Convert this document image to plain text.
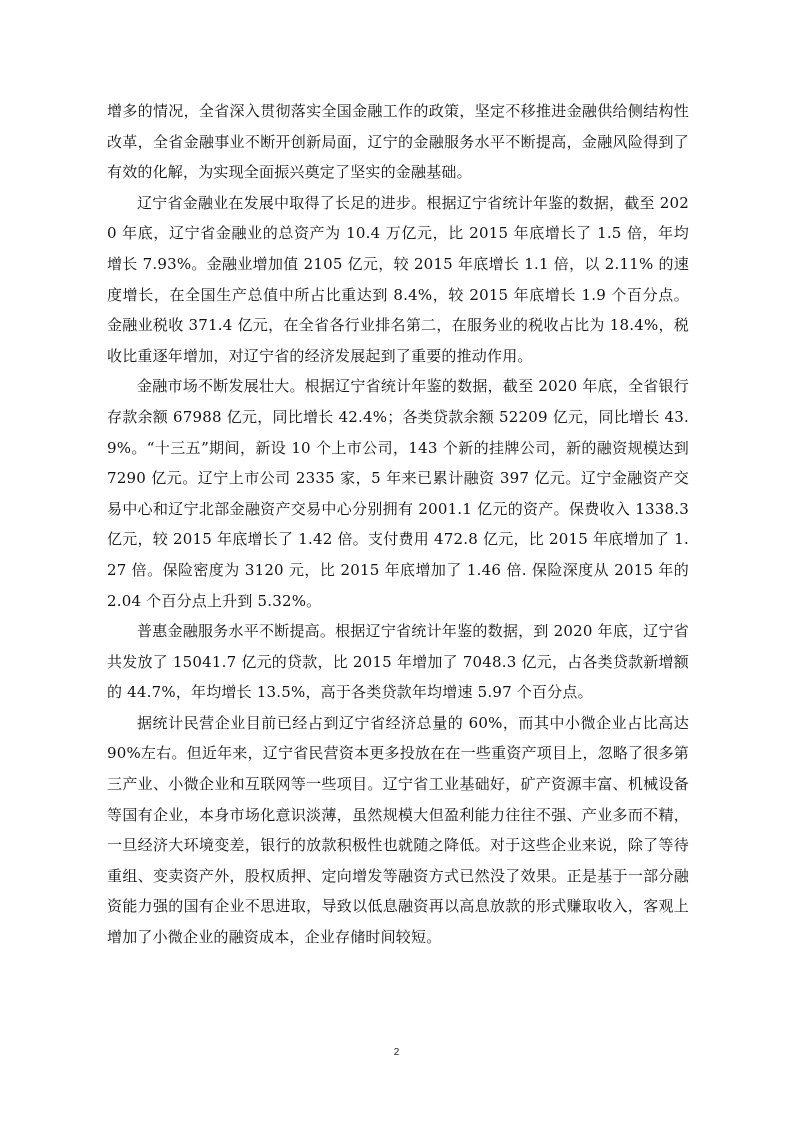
增多的情况，全省深入贯彻落实全国金融工作的政策，坚定不移推进金融供给侧结构性改革，全省金融事业不断开创新局面，辽宁的金融服务水平不断提高，金融风险得到了有效的化解，为实现全面振兴奠定了坚实的金融基础。

辽宁省金融业在发展中取得了长足的进步。根据辽宁省统计年鉴的数据，截至 2020 年底，辽宁省金融业的总资产为 10.4 万亿元，比 2015 年底增长了 1.5 倍，年均增长 7.93%。金融业增加值 2105 亿元，较 2015 年底增长 1.1 倍，以 2.11% 的速度增长，在全国生产总值中所占比重达到 8.4%，较 2015 年底增长 1.9 个百分点。金融业税收 371.4 亿元，在全省各行业排名第二，在服务业的税收占比为 18.4%，税收比重逐年增加，对辽宁省的经济发展起到了重要的推动作用。

金融市场不断发展壮大。根据辽宁省统计年鉴的数据，截至 2020 年底，全省银行存款余额 67988 亿元，同比增长 42.4%；各类贷款余额 52209 亿元，同比增长 43.9%。“十三五”期间，新设 10 个上市公司，143 个新的挂牌公司，新的融资规模达到 7290 亿元。辽宁上市公司 2335 家，5 年来已累计融资 397 亿元。辽宁金融资产交易中心和辽宁北部金融资产交易中心分别拥有 2001.1 亿元的资产。保费收入 1338.3 亿元，较 2015 年底增长了 1.42 倍。支付费用 472.8 亿元，比 2015 年底增加了 1.27 倍。保险密度为 3120 元，比 2015 年底增加了 1.46 倍. 保险深度从 2015 年的 2.04 个百分点上升到 5.32%。

普惠金融服务水平不断提高。根据辽宁省统计年鉴的数据，到 2020 年底，辽宁省共发放了 15041.7 亿元的贷款，比 2015 年增加了 7048.3 亿元，占各类贷款新增额的 44.7%，年均增长 13.5%，高于各类贷款年均增速 5.97 个百分点。

据统计民营企业目前已经占到辽宁省经济总量的 60%，而其中小微企业占比高达 90%左右。但近年来，辽宁省民营资本更多投放在在一些重资产项目上，忽略了很多第三产业、小微企业和互联网等一些项目。辽宁省工业基础好，矿产资源丰富、机械设备等国有企业，本身市场化意识淡薄，虽然规模大但盈利能力往往不强、产业多而不精，一旦经济大环境变差，银行的放款积极性也就随之降低。对于这些企业来说，除了等待重组、变卖资产外，股权质押、定向增发等融资方式已然没了效果。正是基于一部分融资能力强的国有企业不思进取，导致以低息融资再以高息放款的形式赚取收入，客观上增加了小微企业的融资成本，企业存储时间较短。

2
